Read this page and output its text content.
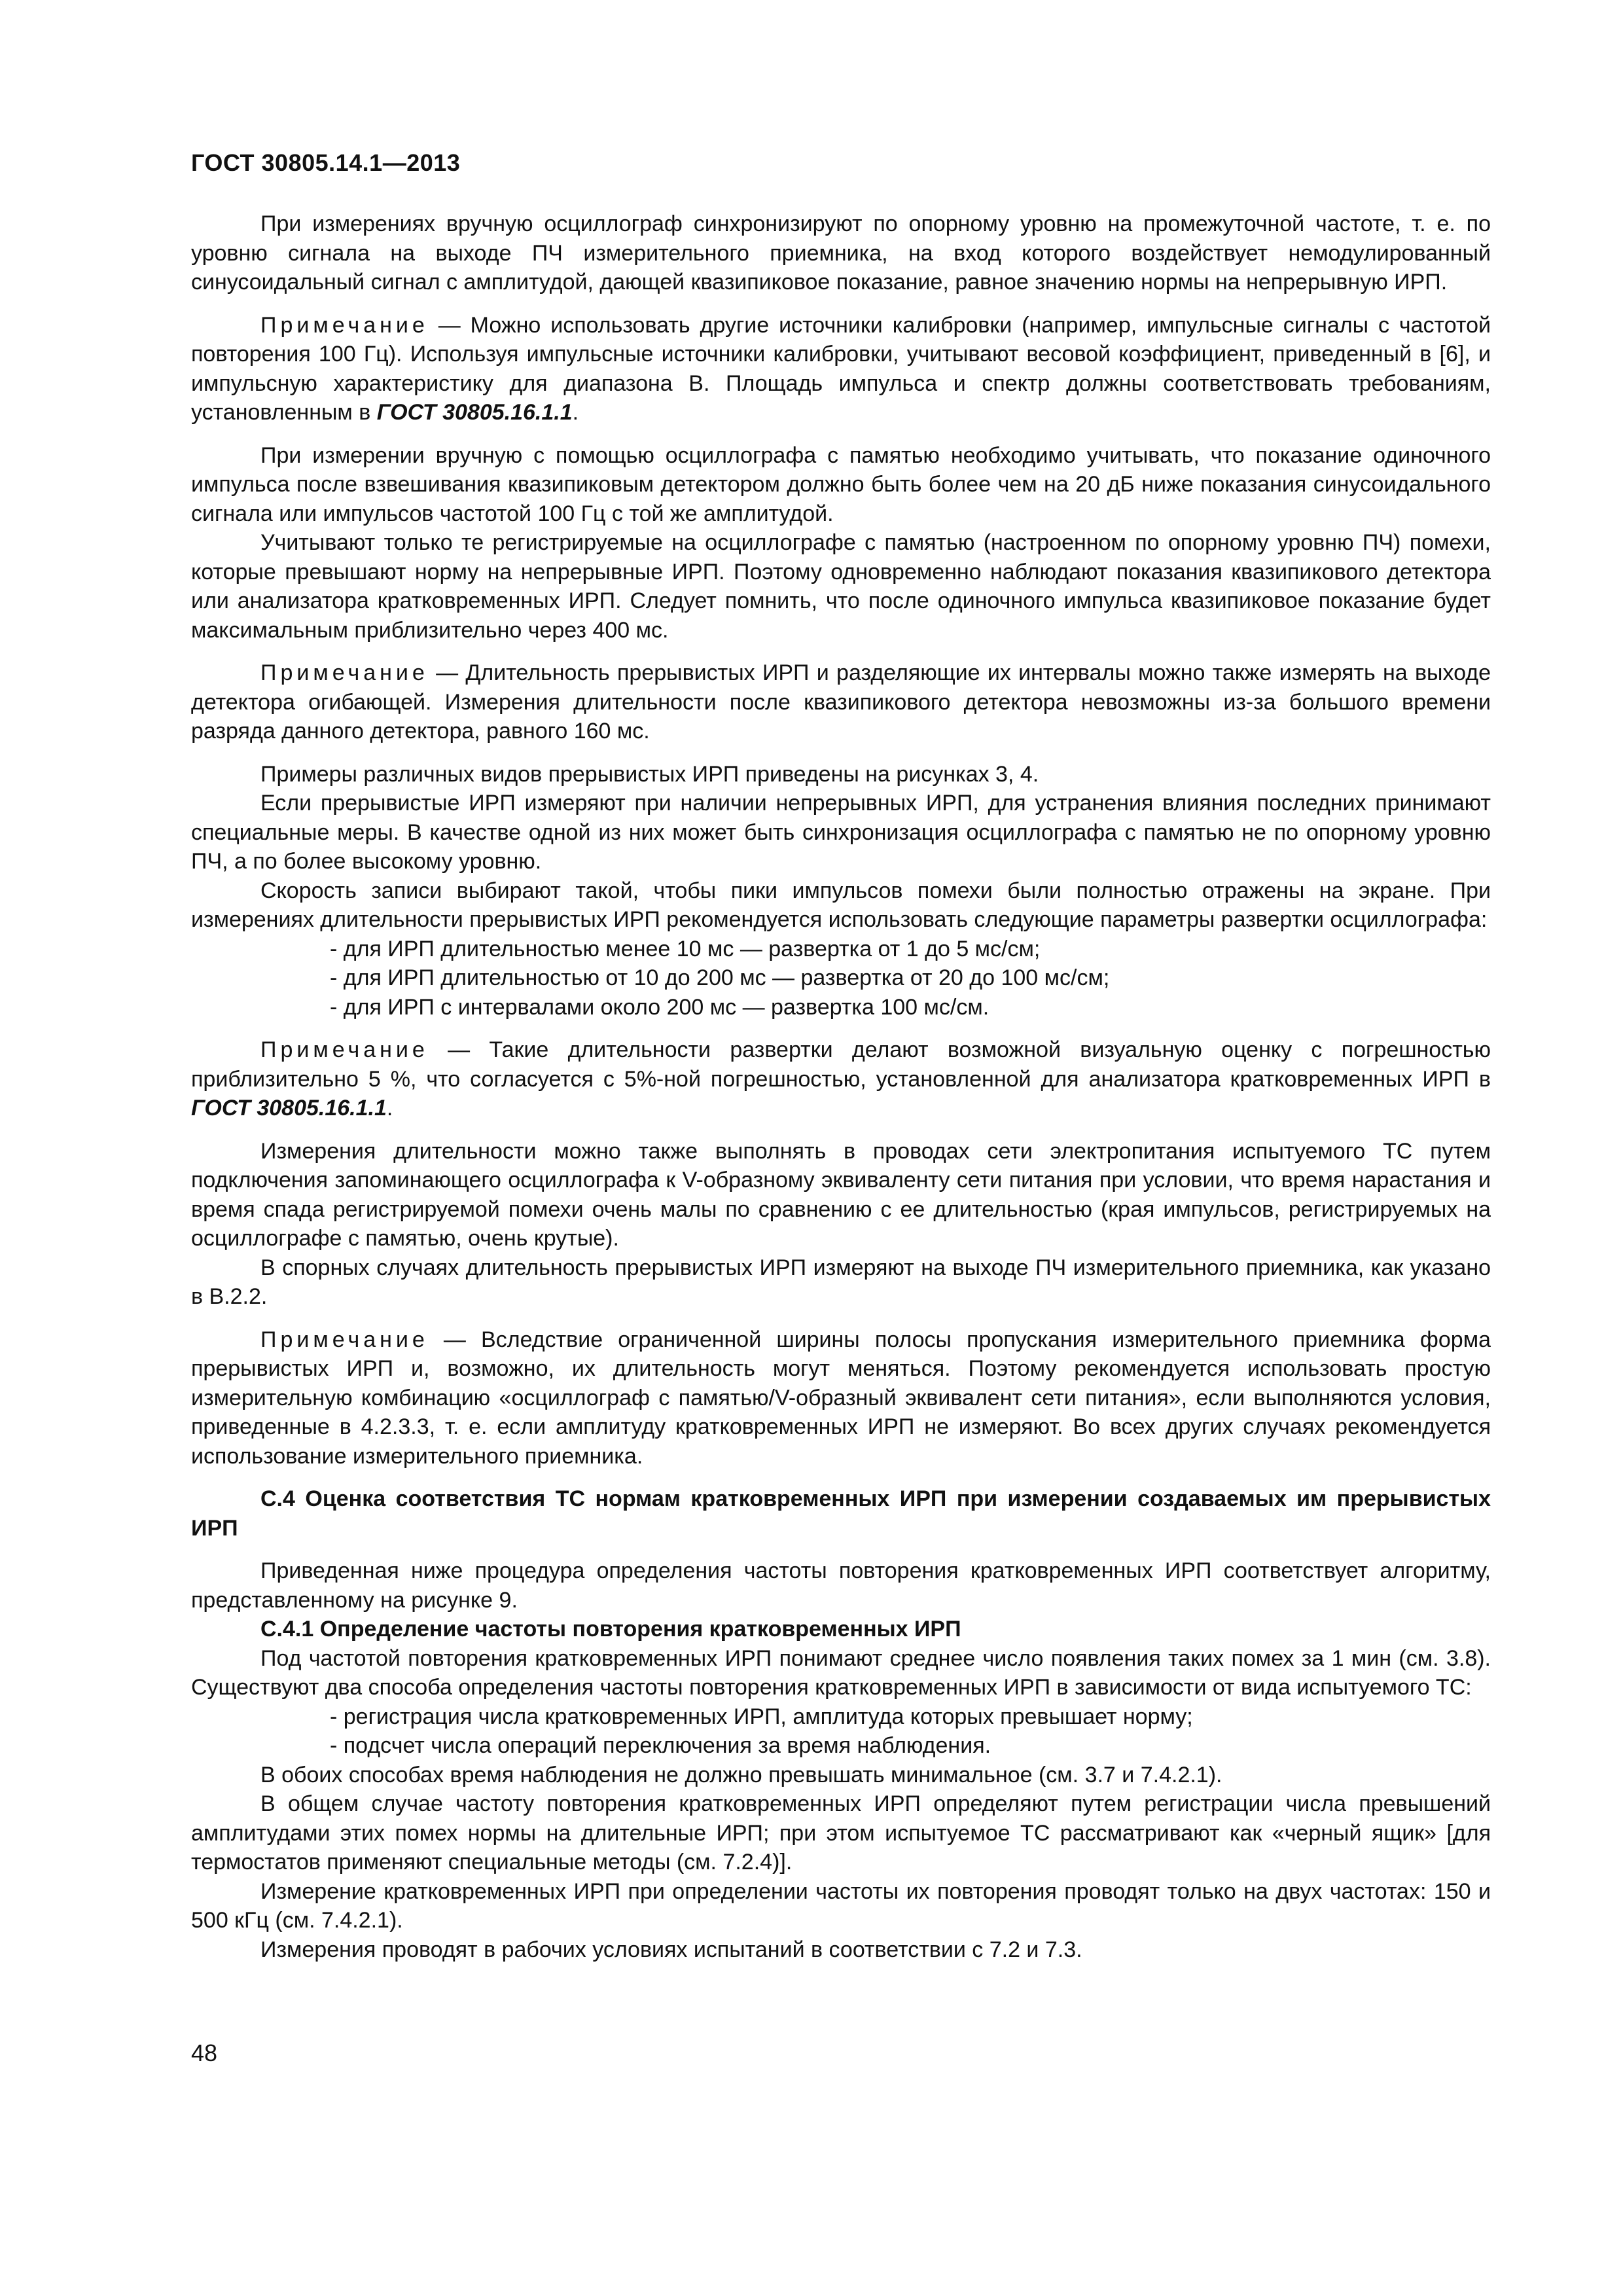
ГОСТ 30805.14.1—2013

При измерениях вручную осциллограф синхронизируют по опорному уровню на промежуточной частоте, т. е. по уровню сигнала на выходе ПЧ измерительного приемника, на вход которого воздействует немодулированный синусоидальный сигнал с амплитудой, дающей квазипиковое показание, равное значению нормы на непрерывную ИРП.

Примечание — Можно использовать другие источники калибровки (например, импульсные сигналы с частотой повторения 100 Гц). Используя импульсные источники калибровки, учитывают весовой коэффициент, приведенный в [6], и импульсную характеристику для диапазона В. Площадь импульса и спектр должны соответствовать требованиям, установленным в ГОСТ 30805.16.1.1.

При измерении вручную с помощью осциллографа с памятью необходимо учитывать, что показание одиночного импульса после взвешивания квазипиковым детектором должно быть более чем на 20 дБ ниже показания синусоидального сигнала или импульсов частотой 100 Гц с той же амплитудой.

Учитывают только те регистрируемые на осциллографе с памятью (настроенном по опорному уровню ПЧ) помехи, которые превышают норму на непрерывные ИРП. Поэтому одновременно наблюдают показания квазипикового детектора или анализатора кратковременных ИРП. Следует помнить, что после одиночного импульса квазипиковое показание будет максимальным приблизительно через 400 мс.

Примечание — Длительность прерывистых ИРП и разделяющие их интервалы можно также измерять на выходе детектора огибающей. Измерения длительности после квазипикового детектора невозможны из-за большого времени разряда данного детектора, равного 160 мс.

Примеры различных видов прерывистых ИРП приведены на рисунках 3, 4.

Если прерывистые ИРП измеряют при наличии непрерывных ИРП, для устранения влияния последних принимают специальные меры. В качестве одной из них может быть синхронизация осциллографа с памятью не по опорному уровню ПЧ, а по более высокому уровню.

Скорость записи выбирают такой, чтобы пики импульсов помехи были полностью отражены на экране. При измерениях длительности прерывистых ИРП рекомендуется использовать следующие параметры развертки осциллографа:

- для ИРП длительностью менее 10 мс — развертка от 1 до 5 мс/см;

- для ИРП длительностью от 10 до 200 мс — развертка от 20 до 100 мс/см;

- для ИРП с интервалами около 200 мс — развертка 100 мс/см.

Примечание — Такие длительности развертки делают возможной визуальную оценку с погрешностью приблизительно 5 %, что согласуется с 5%-ной погрешностью, установленной для анализатора кратковременных ИРП в ГОСТ 30805.16.1.1.

Измерения длительности можно также выполнять в проводах сети электропитания испытуемого ТС путем подключения запоминающего осциллографа к V-образному эквиваленту сети питания при условии, что время нарастания и время спада регистрируемой помехи очень малы по сравнению с ее длительностью (края импульсов, регистрируемых на осциллографе с памятью, очень крутые).

В спорных случаях длительность прерывистых ИРП измеряют на выходе ПЧ измерительного приемника, как указано в В.2.2.

Примечание — Вследствие ограниченной ширины полосы пропускания измерительного приемника форма прерывистых ИРП и, возможно, их длительность могут меняться. Поэтому рекомендуется использовать простую измерительную комбинацию «осциллограф с памятью/V-образный эквивалент сети питания», если выполняются условия, приведенные в 4.2.3.3, т. е. если амплитуду кратковременных ИРП не измеряют. Во всех других случаях рекомендуется использование измерительного приемника.

С.4 Оценка соответствия ТС нормам кратковременных ИРП при измерении создаваемых им прерывистых ИРП

Приведенная ниже процедура определения частоты повторения кратковременных ИРП соответствует алгоритму, представленному на рисунке 9.

С.4.1 Определение частоты повторения кратковременных ИРП

Под частотой повторения кратковременных ИРП понимают среднее число появления таких помех за 1 мин (см. 3.8). Существуют два способа определения частоты повторения кратковременных ИРП в зависимости от вида испытуемого ТС:

- регистрация числа кратковременных ИРП, амплитуда которых превышает норму;

- подсчет числа операций переключения за время наблюдения.

В обоих способах время наблюдения не должно превышать минимальное (см. 3.7 и 7.4.2.1).

В общем случае частоту повторения кратковременных ИРП определяют путем регистрации числа превышений амплитудами этих помех нормы на длительные ИРП; при этом испытуемое ТС рассматривают как «черный ящик» [для термостатов применяют специальные методы (см. 7.2.4)].

Измерение кратковременных ИРП при определении частоты их повторения проводят только на двух частотах: 150 и 500 кГц (см. 7.4.2.1).

Измерения проводят в рабочих условиях испытаний в соответствии с 7.2 и 7.3.

48
